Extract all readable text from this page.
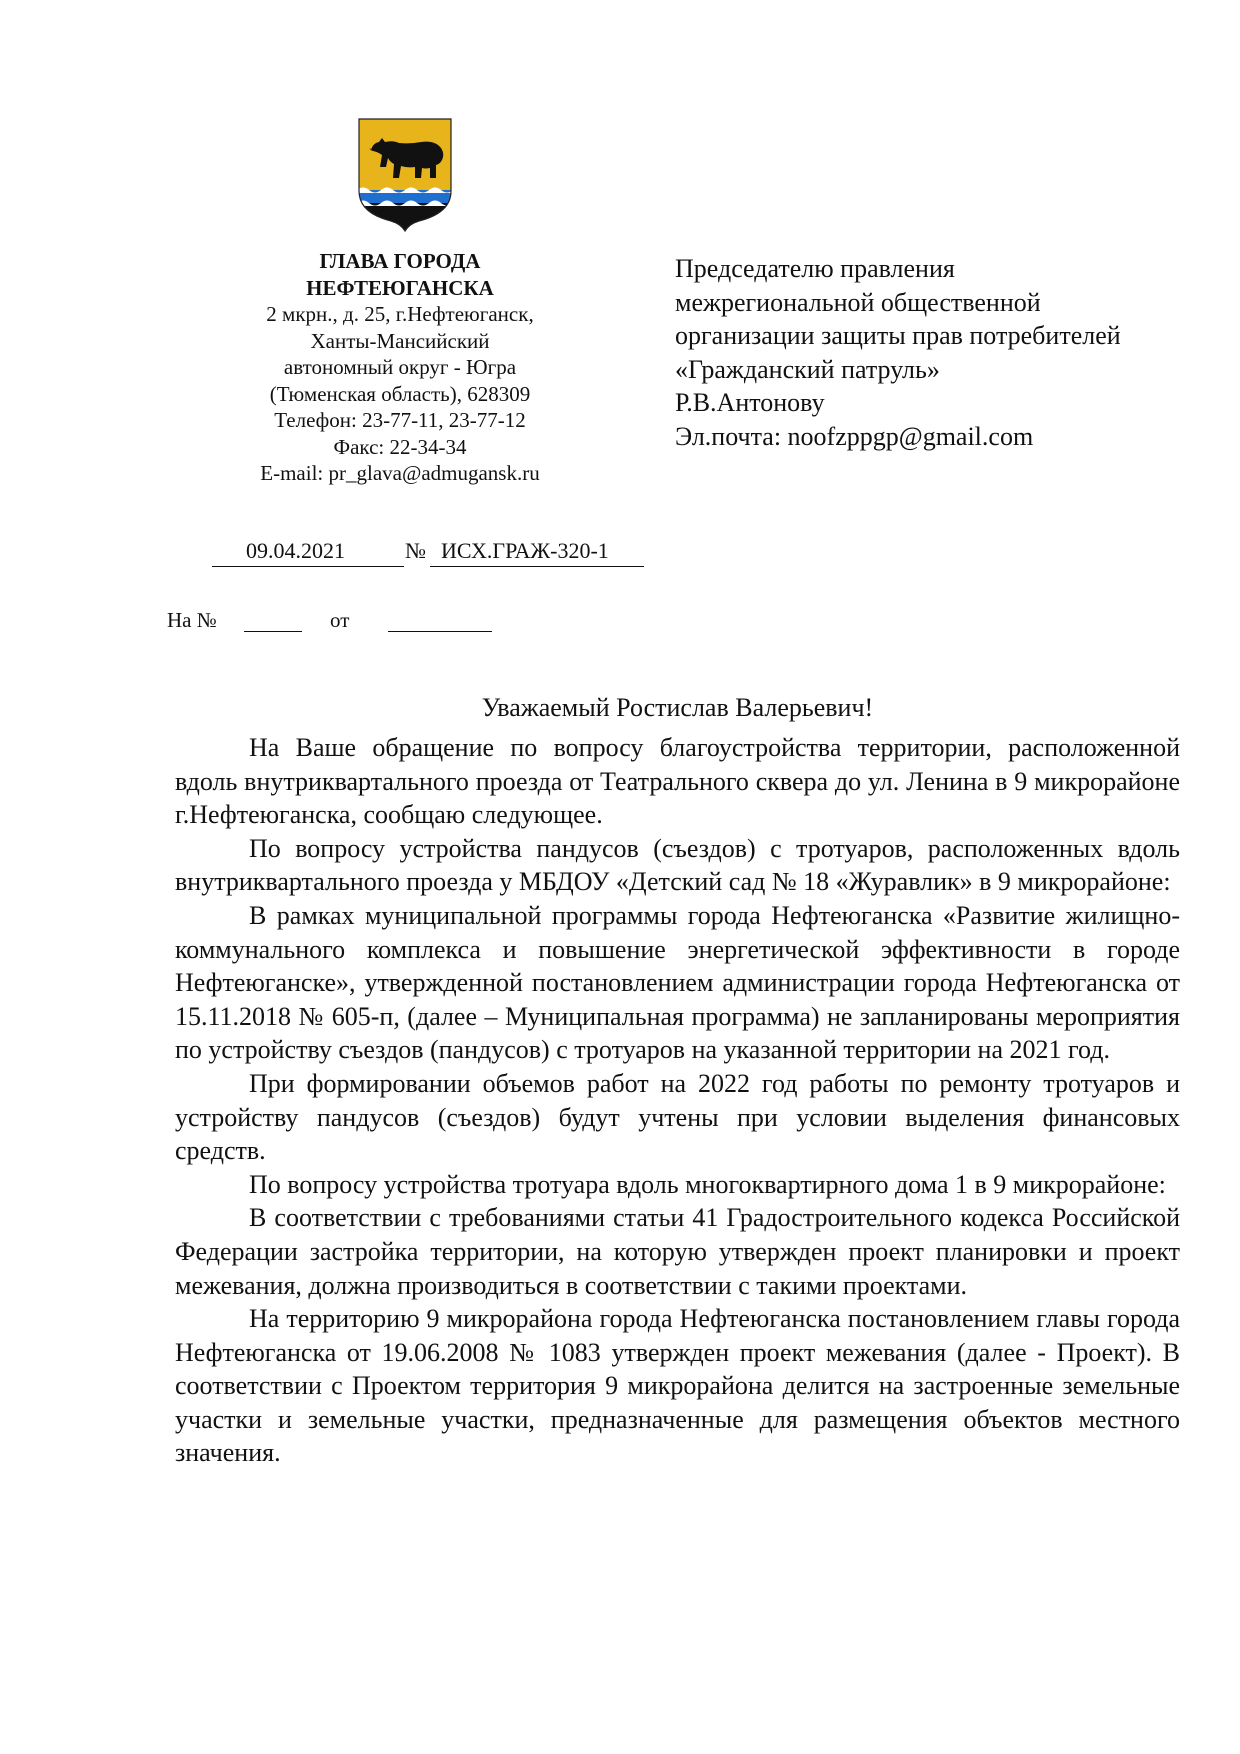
ГЛАВА ГОРОДА
НЕФТЕЮГАНСКА
2 мкрн., д. 25, г.Нефтеюганск,
Ханты-Мансийский
автономный округ - Югра
(Тюменская область), 628309
Телефон: 23-77-11, 23-77-12
Факс: 22-34-34
E-mail: pr_glava@admugansk.ru
Председателю правления
межрегиональной общественной
организации защиты прав потребителей
«Гражданский патруль»
Р.В.Антонову
Эл.почта: noofzppgp@gmail.com
09.04.2021	№ ИСХ.ГРАЖ-320-1
На №	от
Уважаемый Ростислав Валерьевич!

На Ваше обращение по вопросу благоустройства территории, расположенной вдоль внутриквартального проезда от Театрального сквера до ул. Ленина в 9 микрорайоне г.Нефтеюганска, сообщаю следующее.

По вопросу устройства пандусов (съездов) с тротуаров, расположенных вдоль внутриквартального проезда у МБДОУ «Детский сад № 18 «Журавлик» в 9 микрорайоне:

В рамках муниципальной программы города Нефтеюганска «Развитие жилищно-коммунального комплекса и повышение энергетической эффективности в городе Нефтеюганске», утвержденной постановлением администрации города Нефтеюганска от 15.11.2018 № 605-п, (далее – Муниципальная программа) не запланированы мероприятия по устройству съездов (пандусов) с тротуаров на указанной территории на 2021 год.

При формировании объемов работ на 2022 год работы по ремонту тротуаров и устройству пандусов (съездов) будут учтены при условии выделения финансовых средств.

По вопросу устройства тротуара вдоль многоквартирного дома 1 в 9 микрорайоне:

В соответствии с требованиями статьи 41 Градостроительного кодекса Российской Федерации застройка территории, на которую утвержден проект планировки и проект межевания, должна производиться в соответствии с такими проектами.

На территорию 9 микрорайона города Нефтеюганска постановлением главы города Нефтеюганска от 19.06.2008 № 1083 утвержден проект межевания (далее - Проект). В соответствии с Проектом территория 9 микрорайона делится на застроенные земельные участки и земельные участки, предназначенные для размещения объектов местного значения.
